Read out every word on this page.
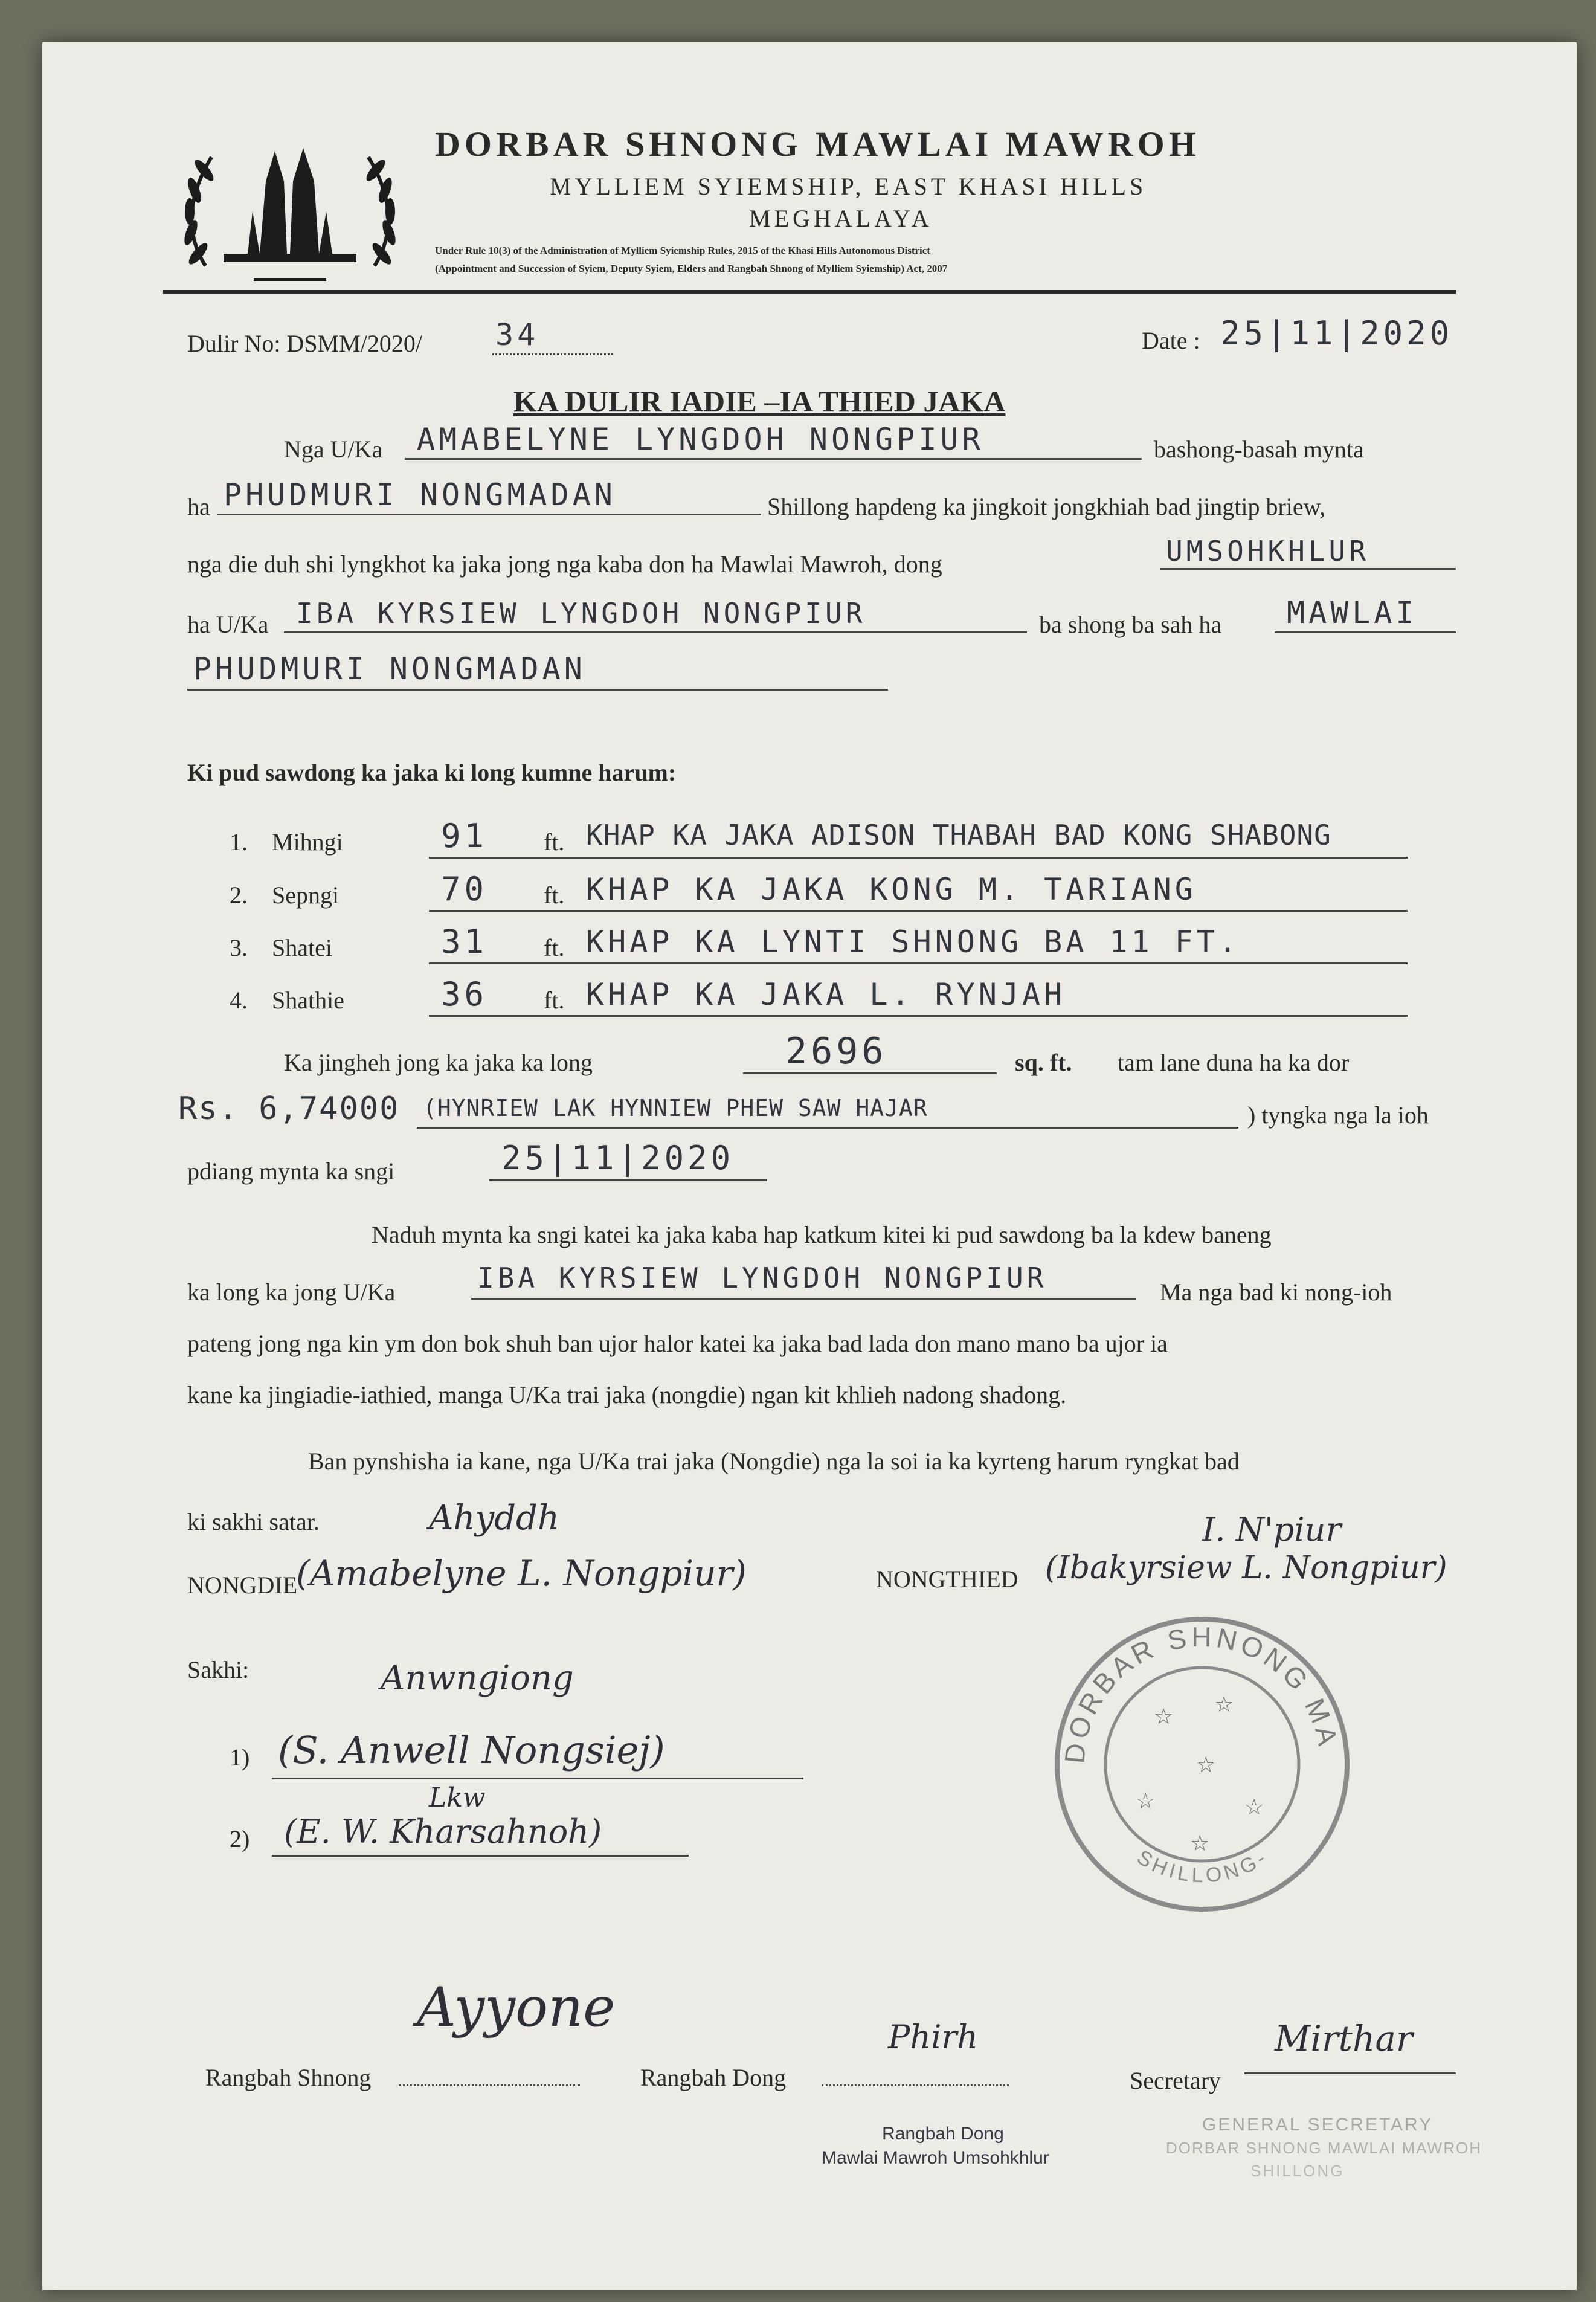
DORBAR SHNONG MAWLAI MAWROH
DORBAR SHNONG MAWLAI MAWROH
MYLLIEM SYIEMSHIP, EAST KHASI HILLS
MEGHALAYA
Under Rule 10(3) of the Administration of Mylliem Syiemship Rules, 2015 of the Khasi Hills Autonomous District
(Appointment and Succession of Syiem, Deputy Syiem, Elders and Rangbah Shnong of Mylliem Syiemship) Act, 2007
Dulir No: DSMM/2020/ 34	Date : 25|11|2020
KA DULIR IADIE –IA THIED JAKA
Nga U/Ka AMABELYNE LYNGDOH NONGPIUR	bashong-basah mynta
ha PHUDMURI NONGMADAN	Shillong hapdeng ka jingkoit jongkhiah bad jingtip briew,
nga die duh shi lyngkhot ka jaka jong nga kaba don ha Mawlai Mawroh, dong	UMSOHKHLUR
ha U/Ka IBA KYRSIEW LYNGDOH NONGPIUR	ba shong ba sah ha MAWLAI
PHUDMURI NONGMADAN
Ki pud sawdong ka jaka ki long kumne harum:
1. Mihngi	91 ft. KHAP KA JAKA ADISON THABAH BAD KONG SHABONG
2. Sepngi	70 ft. KHAP KA JAKA KONG M. TARIANG
3. Shatei	31 ft. KHAP KA LYNTI SHNONG BA 11 FT.
4. Shathie	36 ft. KHAP KA JAKA L. RYNJAH
Ka jingheh jong ka jaka ka long	2696	sq. ft. tam lane duna ha ka dor
Rs. 6,74000 (HYNRIEW LAK HYNNIEW PHEW SAW HAJAR	) tyngka nga la ioh
pdiang mynta ka sngi	25|11|2020
Naduh mynta ka sngi katei ka jaka kaba hap katkum kitei ki pud sawdong ba la kdew baneng
ka long ka jong U/Ka	IBA KYRSIEW LYNGDOH NONGPIUR	Ma nga bad ki nong-ioh
pateng jong nga kin ym don bok shuh ban ujor halor katei ka jaka bad lada don mano mano ba ujor ia
kane ka jingiadie-iathied, manga U/Ka trai jaka (nongdie) ngan kit khlieh nadong shadong.
Ban pynshisha ia kane, nga U/Ka trai jaka (Nongdie) nga la soi ia ka kyrteng harum ryngkat bad
ki sakhi satar.	Ahyddh
NONGDIE
(Amabelyne L. Nongpiur)
I. N'piur
NONGTHIED (Ibakyrsiew L. Nongpiur)
Sakhi:	Anwngiong
1) (S. Anwell Nongsiej)
Lkw
2) (E. W. Kharsahnoh)
DORBAR SHNONG MA
SHILLONG-
☆ ☆
☆
☆	☆
☆
Ayyone
Rangbah Shnong
Phirh
Rangbah Dong
Mirthar
Secretary
Rangbah Dong
Mawlai Mawroh Umsohkhlur
GENERAL SECRETARY
DORBAR SHNONG MAWLAI MAWROH
SHILLONG
